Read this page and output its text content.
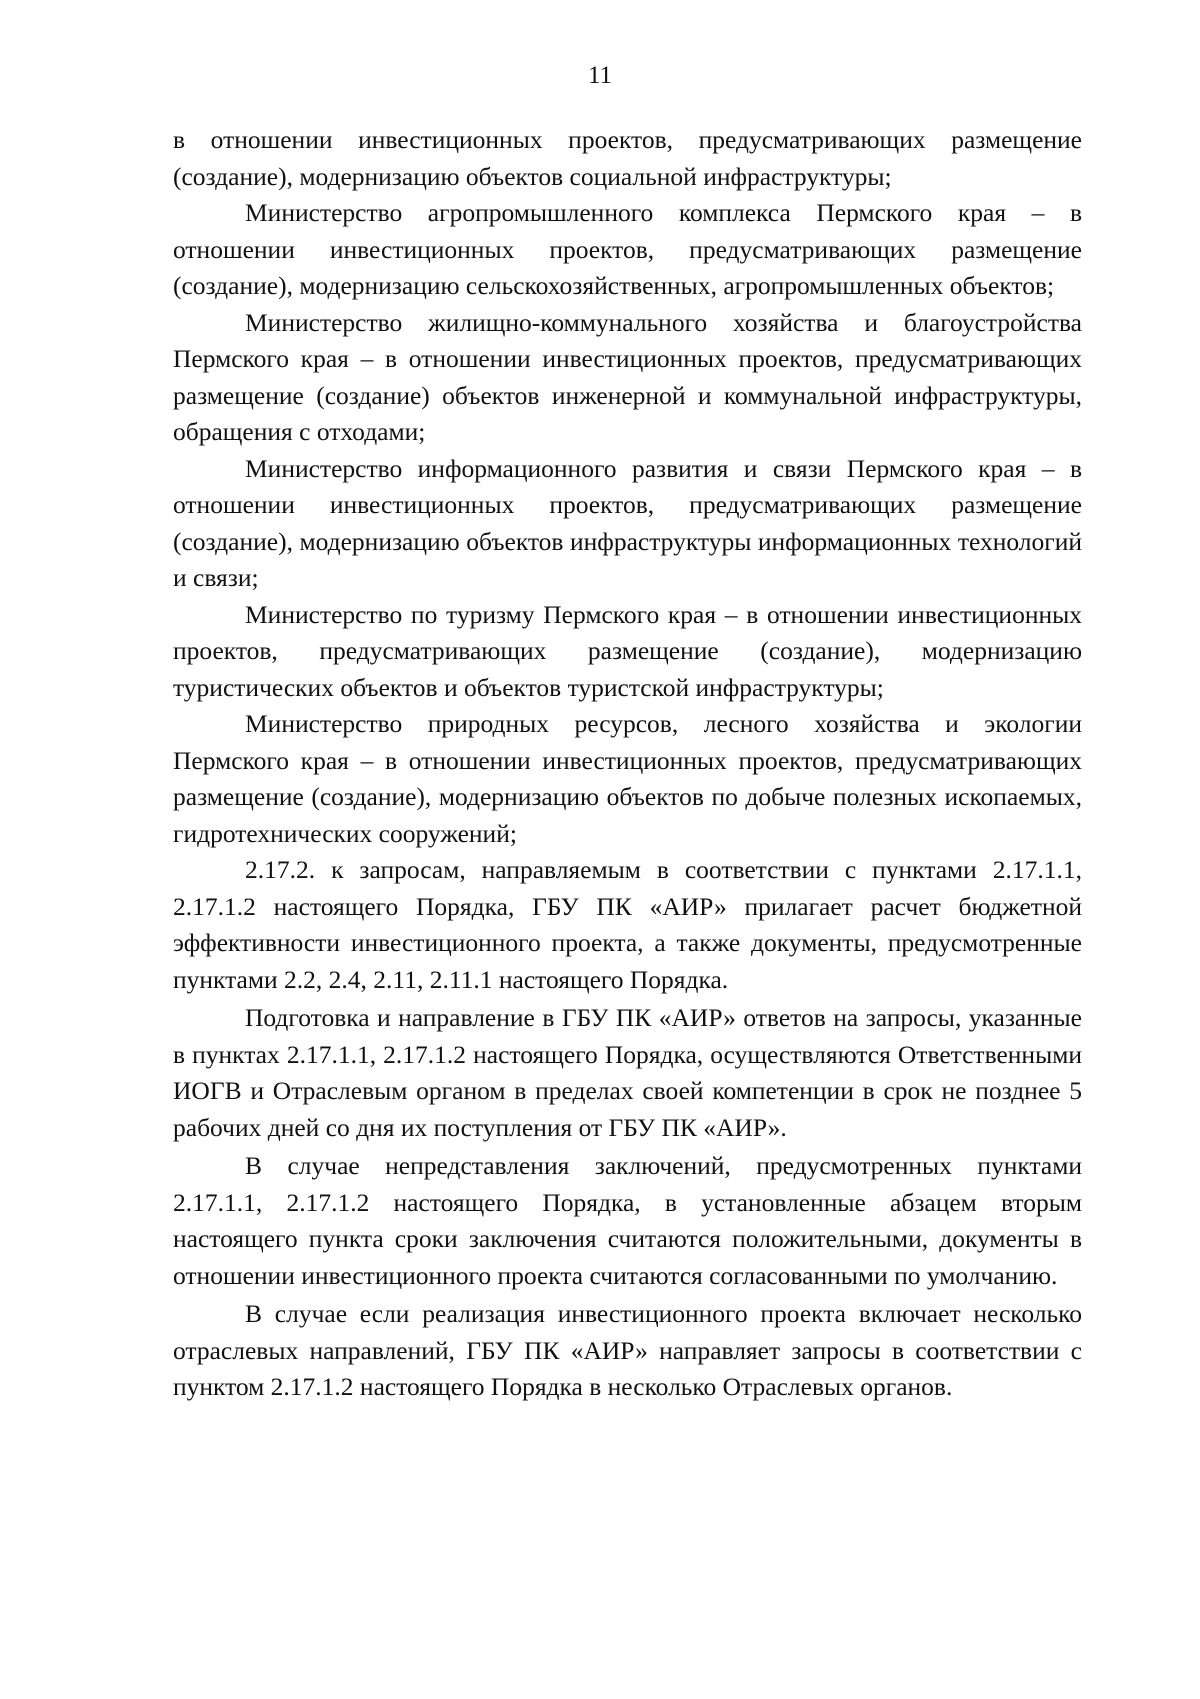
11

в отношении инвестиционных проектов, предусматривающих размещение (создание), модернизацию объектов социальной инфраструктуры;

Министерство агропромышленного комплекса Пермского края – в отношении инвестиционных проектов, предусматривающих размещение (создание), модернизацию сельскохозяйственных, агропромышленных объектов;

Министерство жилищно-коммунального хозяйства и благоустройства Пермского края – в отношении инвестиционных проектов, предусматривающих размещение (создание) объектов инженерной и коммунальной инфраструктуры, обращения с отходами;

Министерство информационного развития и связи Пермского края – в отношении инвестиционных проектов, предусматривающих размещение (создание), модернизацию объектов инфраструктуры информационных технологий и связи;

Министерство по туризму Пермского края – в отношении инвестиционных проектов, предусматривающих размещение (создание), модернизацию туристических объектов и объектов туристской инфраструктуры;

Министерство природных ресурсов, лесного хозяйства и экологии Пермского края – в отношении инвестиционных проектов, предусматривающих размещение (создание), модернизацию объектов по добыче полезных ископаемых, гидротехнических сооружений;

2.17.2. к запросам, направляемым в соответствии с пунктами 2.17.1.1, 2.17.1.2 настоящего Порядка, ГБУ ПК «АИР» прилагает расчет бюджетной эффективности инвестиционного проекта, а также документы, предусмотренные пунктами 2.2, 2.4, 2.11, 2.11.1 настоящего Порядка.

Подготовка и направление в ГБУ ПК «АИР» ответов на запросы, указанные в пунктах 2.17.1.1, 2.17.1.2 настоящего Порядка, осуществляются Ответственными ИОГВ и Отраслевым органом в пределах своей компетенции в срок не позднее 5 рабочих дней со дня их поступления от ГБУ ПК «АИР».

В случае непредставления заключений, предусмотренных пунктами 2.17.1.1, 2.17.1.2 настоящего Порядка, в установленные абзацем вторым настоящего пункта сроки заключения считаются положительными, документы в отношении инвестиционного проекта считаются согласованными по умолчанию.

В случае если реализация инвестиционного проекта включает несколько отраслевых направлений, ГБУ ПК «АИР» направляет запросы в соответствии с пунктом 2.17.1.2 настоящего Порядка в несколько Отраслевых органов.
